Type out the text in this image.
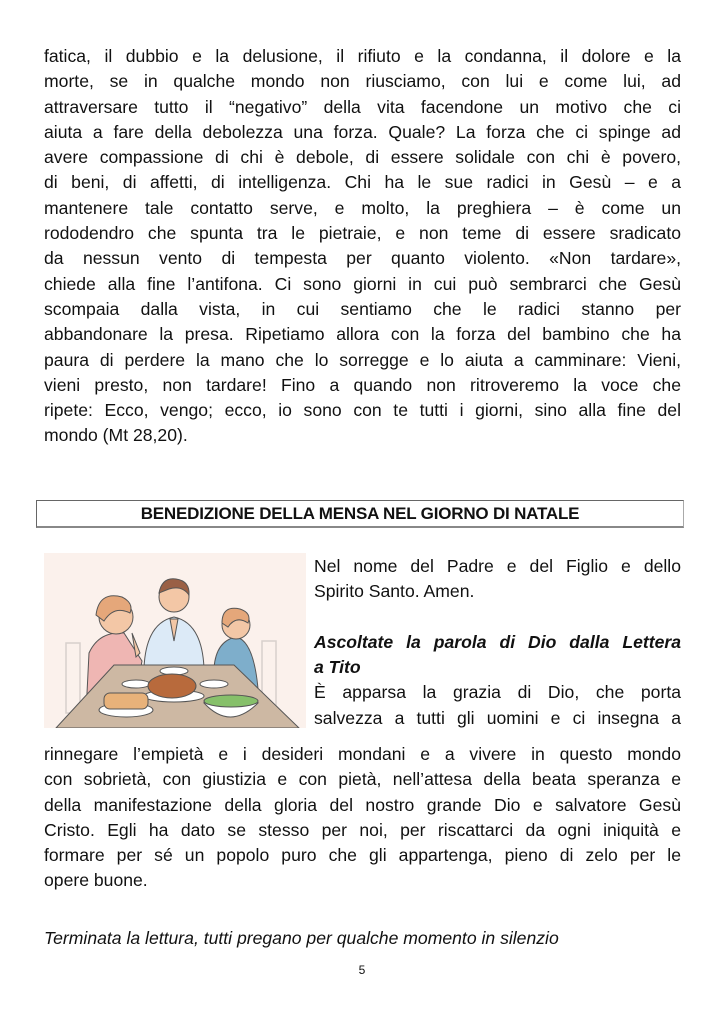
fatica, il dubbio e la delusione, il rifiuto e la condanna, il dolore e la
morte, se in qualche mondo non riusciamo, con lui e come lui, ad
attraversare tutto il “negativo” della vita facendone un motivo che ci
aiuta a fare della debolezza una forza. Quale? La forza che ci spinge ad
avere compassione di chi è debole, di essere solidale con chi è povero,
di beni, di affetti, di intelligenza. Chi ha le sue radici in Gesù – e a
mantenere tale contatto serve, e molto, la preghiera – è come un
rododendro che spunta tra le pietraie, e non teme di essere sradicato
da nessun vento di tempesta per quanto violento. «Non tardare»,
chiede alla fine l’antifona. Ci sono giorni in cui può sembrarci che Gesù
scompaia dalla vista, in cui sentiamo che le radici stanno per
abbandonare la presa. Ripetiamo allora con la forza del bambino che ha
paura di perdere la mano che lo sorregge e lo aiuta a camminare: Vieni,
vieni presto, non tardare! Fino a quando non ritroveremo la voce che
ripete: Ecco, vengo; ecco, io sono con te tutti i giorni, sino alla fine del
mondo (Mt 28,20).
BENEDIZIONE DELLA MENSA NEL GIORNO DI NATALE
Nel nome del Padre e del Figlio e dello
Spirito Santo. Amen.
Ascoltate la parola di Dio dalla Lettera
a Tito
È apparsa la grazia di Dio, che porta
salvezza a tutti gli uomini e ci insegna a
rinnegare l’empietà e i desideri mondani e a vivere in questo mondo
con sobrietà, con giustizia e con pietà, nell’attesa della beata speranza e
della manifestazione della gloria del nostro grande Dio e salvatore Gesù
Cristo. Egli ha dato se stesso per noi, per riscattarci da ogni iniquità e
formare per sé un popolo puro che gli appartenga, pieno di zelo per le
opere buone.
Terminata la lettura, tutti pregano per qualche momento in silenzio
5
